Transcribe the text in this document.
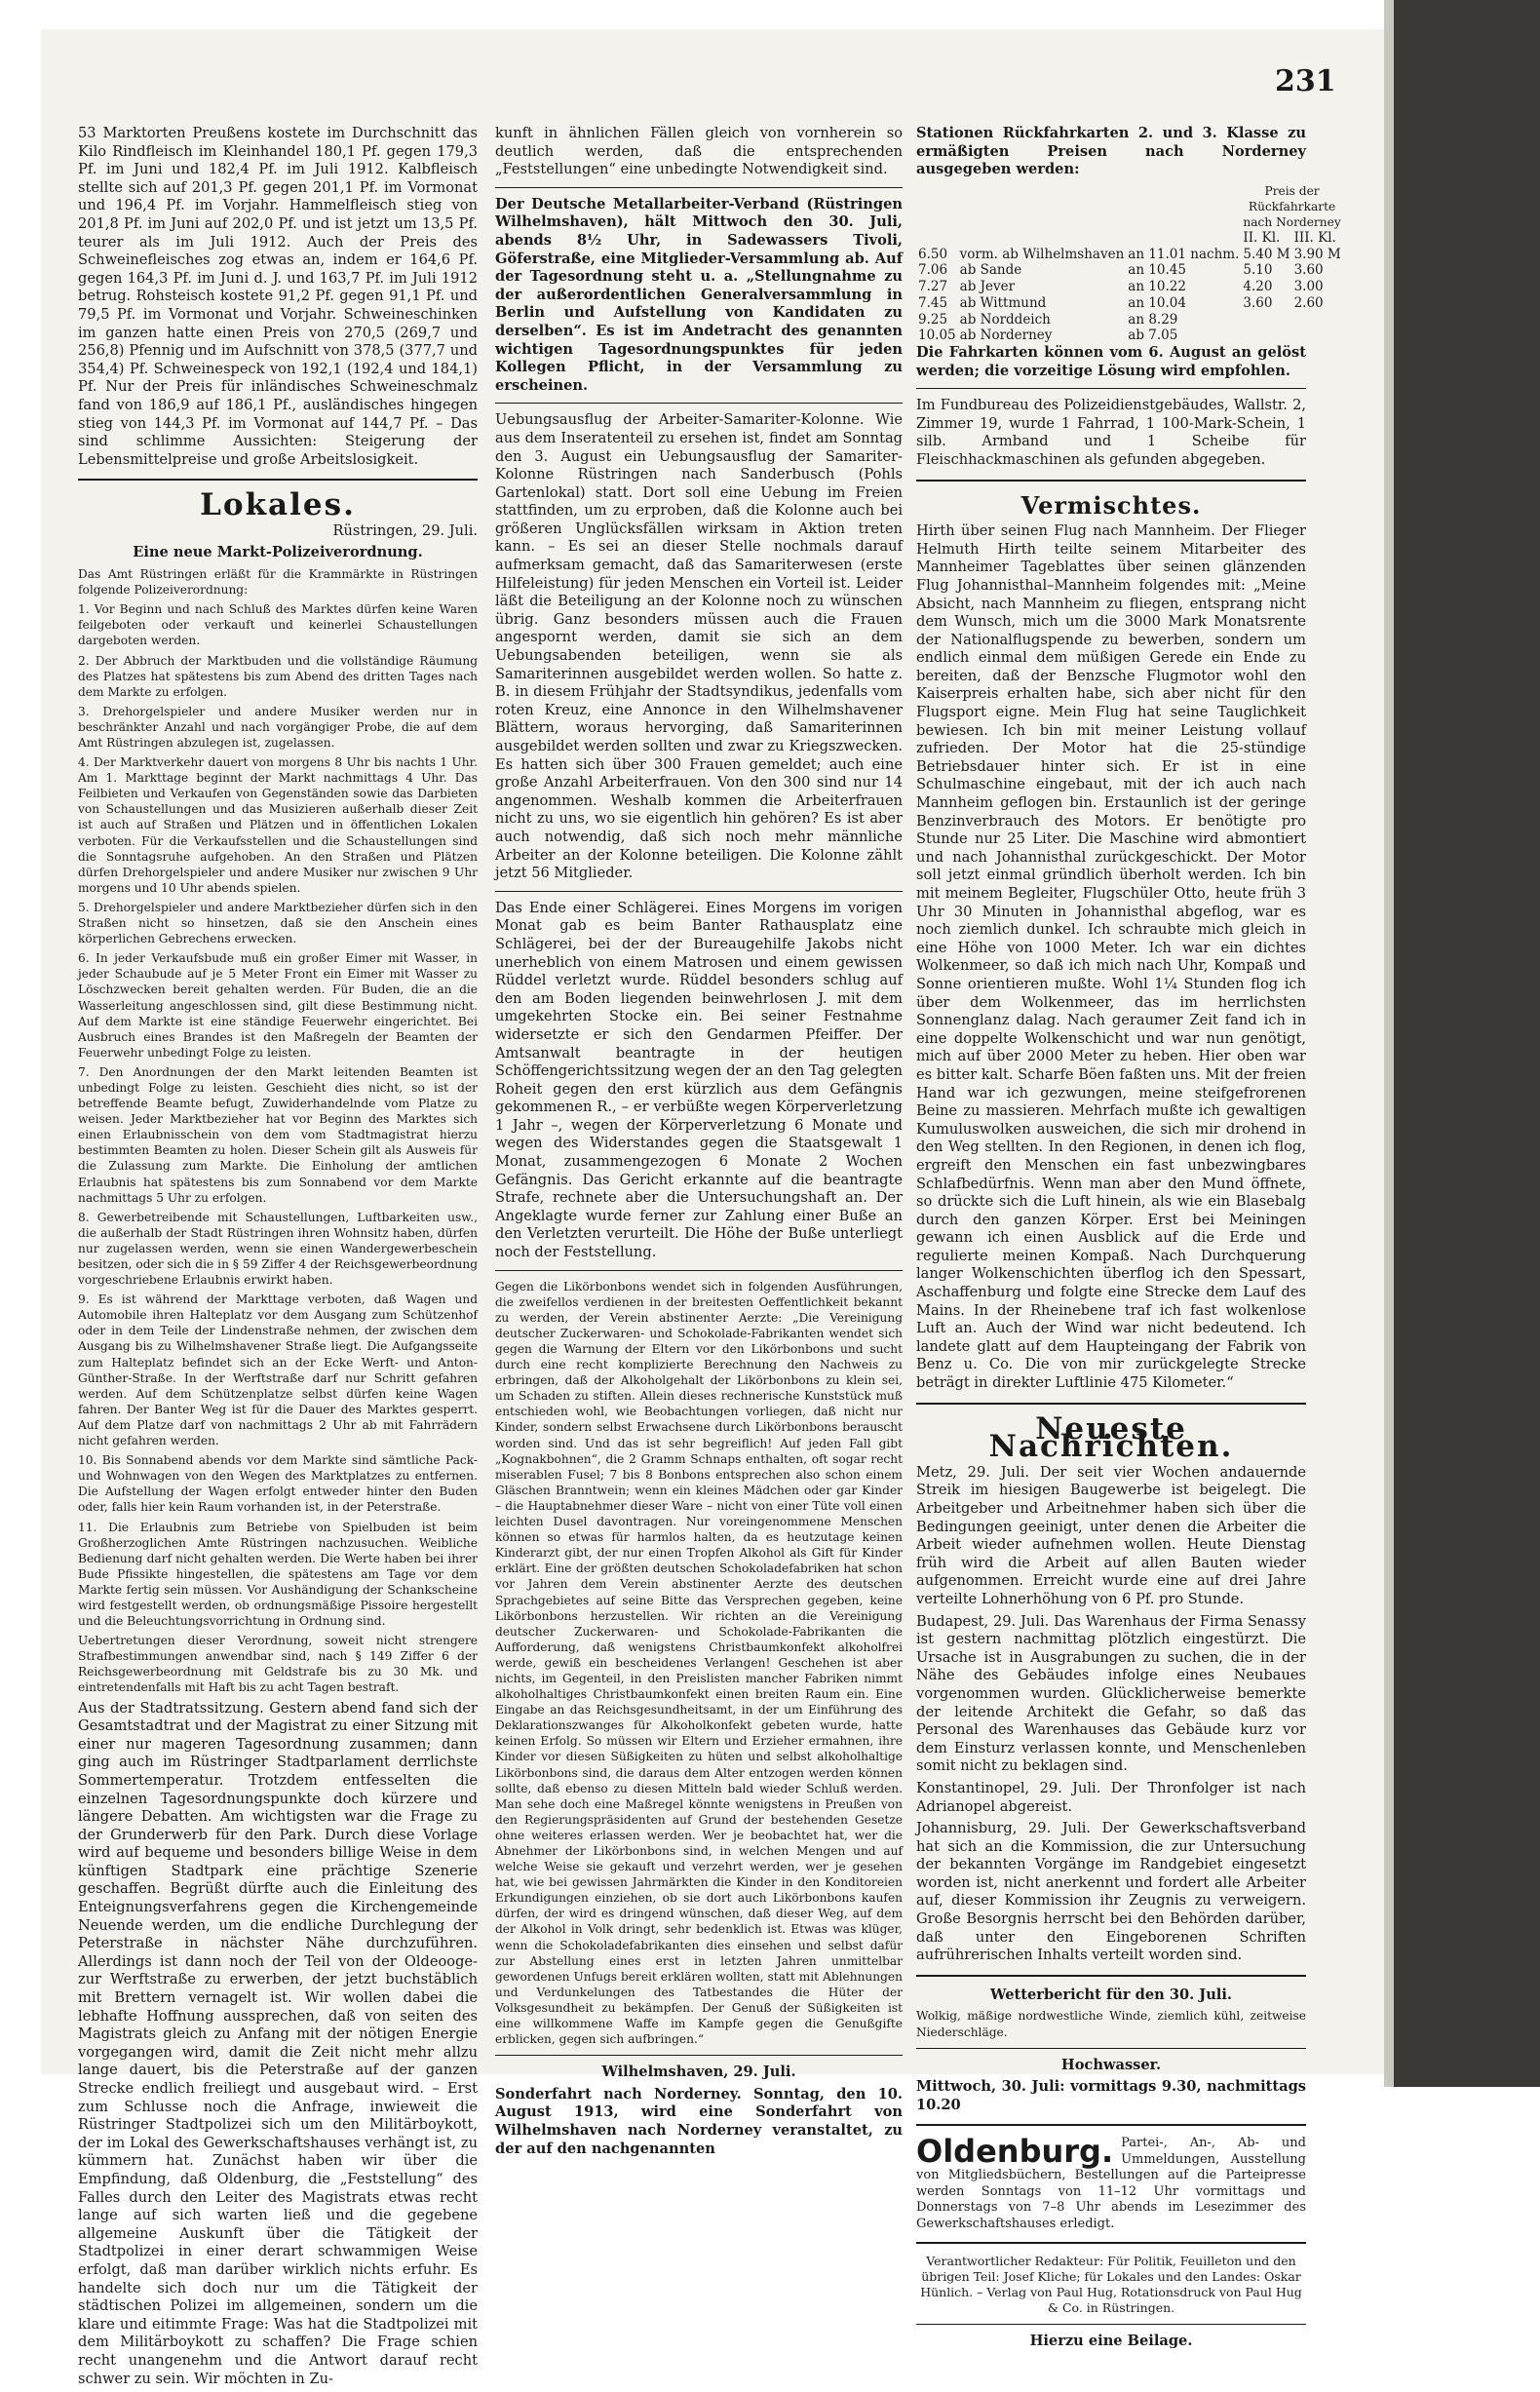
231

53 Marktorten Preußens kostete im Durchschnitt das Kilo Rindfleisch im Kleinhandel 180,1 Pf. gegen 179,3 Pf. im Juni und 182,4 Pf. im Juli 1912. Kalbfleisch stellte sich auf 201,3 Pf. gegen 201,1 Pf. im Vormonat und 196,4 Pf. im Vorjahr. Hammelfleisch stieg von 201,8 Pf. im Juni auf 202,0 Pf. und ist jetzt um 13,5 Pf. teurer als im Juli 1912. Auch der Preis des Schweinefleisches zog etwas an, indem er 164,6 Pf. gegen 164,3 Pf. im Juni d. J. und 163,7 Pf. im Juli 1912 betrug. Rohsteisch kostete 91,2 Pf. gegen 91,1 Pf. und 79,5 Pf. im Vormonat und Vorjahr. Schweineschinken im ganzen hatte einen Preis von 270,5 (269,7 und 256,8) Pfennig und im Aufschnitt von 378,5 (377,7 und 354,4) Pf. Schweinespeck von 192,1 (192,4 und 184,1) Pf. Nur der Preis für inländisches Schweineschmalz fand von 186,9 auf 186,1 Pf., ausländisches hingegen stieg von 144,3 Pf. im Vormonat auf 144,7 Pf. – Das sind schlimme Aussichten: Steigerung der Lebensmittelpreise und große Arbeitslosigkeit.

Lokales.

Rüstringen, 29. Juli.

Eine neue Markt-Polizeiverordnung.

Das Amt Rüstringen erläßt für die Krammärkte in Rüstringen folgende Polizeiverordnung:

1. Vor Beginn und nach Schluß des Marktes dürfen keine Waren feilgeboten oder verkauft und keinerlei Schaustellungen dargeboten werden.

2. Der Abbruch der Marktbuden und die vollständige Räumung des Platzes hat spätestens bis zum Abend des dritten Tages nach dem Markte zu erfolgen.

3. Drehorgelspieler und andere Musiker werden nur in beschränkter Anzahl und nach vorgängiger Probe, die auf dem Amt Rüstringen abzulegen ist, zugelassen.

4. Der Marktverkehr dauert von morgens 8 Uhr bis nachts 1 Uhr. Am 1. Markttage beginnt der Markt nachmittags 4 Uhr. Das Feilbieten und Verkaufen von Gegenständen sowie das Darbieten von Schaustellungen und das Musizieren außerhalb dieser Zeit ist auch auf Straßen und Plätzen und in öffentlichen Lokalen verboten. Für die Verkaufsstellen und die Schaustellungen sind die Sonntagsruhe aufgehoben. An den Straßen und Plätzen dürfen Drehorgelspieler und andere Musiker nur zwischen 9 Uhr morgens und 10 Uhr abends spielen.

5. Drehorgelspieler und andere Marktbezieher dürfen sich in den Straßen nicht so hinsetzen, daß sie den Anschein eines körperlichen Gebrechens erwecken.

6. In jeder Verkaufsbude muß ein großer Eimer mit Wasser, in jeder Schaubude auf je 5 Meter Front ein Eimer mit Wasser zu Löschzwecken bereit gehalten werden. Für Buden, die an die Wasserleitung angeschlossen sind, gilt diese Bestimmung nicht. Auf dem Markte ist eine ständige Feuerwehr eingerichtet. Bei Ausbruch eines Brandes ist den Maßregeln der Beamten der Feuerwehr unbedingt Folge zu leisten.

7. Den Anordnungen der den Markt leitenden Beamten ist unbedingt Folge zu leisten. Geschieht dies nicht, so ist der betreffende Beamte befugt, Zuwiderhandelnde vom Platze zu weisen. Jeder Marktbezieher hat vor Beginn des Marktes sich einen Erlaubnisschein von dem vom Stadtmagistrat hierzu bestimmten Beamten zu holen. Dieser Schein gilt als Ausweis für die Zulassung zum Markte. Die Einholung der amtlichen Erlaubnis hat spätestens bis zum Sonnabend vor dem Markte nachmittags 5 Uhr zu erfolgen.

8. Gewerbetreibende mit Schaustellungen, Luftbarkeiten usw., die außerhalb der Stadt Rüstringen ihren Wohnsitz haben, dürfen nur zugelassen werden, wenn sie einen Wandergewerbeschein besitzen, oder sich die in § 59 Ziffer 4 der Reichsgewerbeordnung vorgeschriebene Erlaubnis erwirkt haben.

9. Es ist während der Markttage verboten, daß Wagen und Automobile ihren Halteplatz vor dem Ausgang zum Schützenhof oder in dem Teile der Lindenstraße nehmen, der zwischen dem Ausgang bis zu Wilhelmshavener Straße liegt. Die Aufgangsseite zum Halteplatz befindet sich an der Ecke Werft- und Anton-Günther-Straße. In der Werftstraße darf nur Schritt gefahren werden. Auf dem Schützenplatze selbst dürfen keine Wagen fahren. Der Banter Weg ist für die Dauer des Marktes gesperrt. Auf dem Platze darf von nachmittags 2 Uhr ab mit Fahrrädern nicht gefahren werden.

10. Bis Sonnabend abends vor dem Markte sind sämtliche Pack- und Wohnwagen von den Wegen des Marktplatzes zu entfernen. Die Aufstellung der Wagen erfolgt entweder hinter den Buden oder, falls hier kein Raum vorhanden ist, in der Peterstraße.

11. Die Erlaubnis zum Betriebe von Spielbuden ist beim Großherzoglichen Amte Rüstringen nachzusuchen. Weibliche Bedienung darf nicht gehalten werden. Die Werte haben bei ihrer Bude Pfissikte hingestellen, die spätestens am Tage vor dem Markte fertig sein müssen. Vor Aushändigung der Schankscheine wird festgestellt werden, ob ordnungsmäßige Pissoire hergestellt und die Beleuchtungsvorrichtung in Ordnung sind.

Uebertretungen dieser Verordnung, soweit nicht strengere Strafbestimmungen anwendbar sind, nach § 149 Ziffer 6 der Reichsgewerbeordnung mit Geldstrafe bis zu 30 Mk. und eintretendenfalls mit Haft bis zu acht Tagen bestraft.

Aus der Stadtratssitzung. Gestern abend fand sich der Gesamtstadtrat und der Magistrat zu einer Sitzung mit einer nur mageren Tagesordnung zusammen; dann ging auch im Rüstringer Stadtparlament derrlichste Sommertemperatur. Trotzdem entfesselten die einzelnen Tagesordnungspunkte doch kürzere und längere Debatten. Am wichtigsten war die Frage zu der Grunderwerb für den Park. Durch diese Vorlage wird auf bequeme und besonders billige Weise in dem künftigen Stadtpark eine prächtige Szenerie geschaffen. Begrüßt dürfte auch die Einleitung des Enteignungsverfahrens gegen die Kirchengemeinde Neuende werden, um die endliche Durchlegung der Peterstraße in nächster Nähe durchzuführen. Allerdings ist dann noch der Teil von der Oldeooge- zur Werftstraße zu erwerben, der jetzt buchstäblich mit Brettern vernagelt ist. Wir wollen dabei die lebhafte Hoffnung aussprechen, daß von seiten des Magistrats gleich zu Anfang mit der nötigen Energie vorgegangen wird, damit die Zeit nicht mehr allzu lange dauert, bis die Peterstraße auf der ganzen Strecke endlich freiliegt und ausgebaut wird. – Erst zum Schlusse noch die Anfrage, inwieweit die Rüstringer Stadtpolizei sich um den Militärboykott, der im Lokal des Gewerkschaftshauses verhängt ist, zu kümmern hat. Zunächst haben wir über die Empfindung, daß Oldenburg, die „Feststellung“ des Falles durch den Leiter des Magistrats etwas recht lange auf sich warten ließ und die gegebene allgemeine Auskunft über die Tätigkeit der Stadtpolizei in einer derart schwammigen Weise erfolgt, daß man darüber wirklich nichts erfuhr. Es handelte sich doch nur um die Tätigkeit der städtischen Polizei im allgemeinen, sondern um die klare und eitimmte Frage: Was hat die Stadtpolizei mit dem Militärboykott zu schaffen? Die Frage schien recht unangenehm und die Antwort darauf recht schwer zu sein. Wir möchten in Zu-

kunft in ähnlichen Fällen gleich von vornherein so deutlich werden, daß die entsprechenden „Feststellungen“ eine unbedingte Notwendigkeit sind.

Der Deutsche Metallarbeiter-Verband (Rüstringen Wilhelmshaven), hält Mittwoch den 30. Juli, abends 8½ Uhr, in Sadewassers Tivoli, Göferstraße, eine Mitglieder-Versammlung ab. Auf der Tagesordnung steht u. a. „Stellungnahme zu der außerordentlichen Generalversammlung in Berlin und Aufstellung von Kandidaten zu derselben“. Es ist im Andetracht des genannten wichtigen Tagesordnungspunktes für jeden Kollegen Pflicht, in der Versammlung zu erscheinen.

Uebungsausflug der Arbeiter-Samariter-Kolonne. Wie aus dem Inseratenteil zu ersehen ist, findet am Sonntag den 3. August ein Uebungsausflug der Samariter-Kolonne Rüstringen nach Sanderbusch (Pohls Gartenlokal) statt. Dort soll eine Uebung im Freien stattfinden, um zu erproben, daß die Kolonne auch bei größeren Unglücksfällen wirksam in Aktion treten kann. – Es sei an dieser Stelle nochmals darauf aufmerksam gemacht, daß das Samariterwesen (erste Hilfeleistung) für jeden Menschen ein Vorteil ist. Leider läßt die Beteiligung an der Kolonne noch zu wünschen übrig. Ganz besonders müssen auch die Frauen angespornt werden, damit sie sich an dem Uebungsabenden beteiligen, wenn sie als Samariterinnen ausgebildet werden wollen. So hatte z. B. in diesem Frühjahr der Stadtsyndikus, jedenfalls vom roten Kreuz, eine Annonce in den Wilhelmshavener Blättern, woraus hervorging, daß Samariterinnen ausgebildet werden sollten und zwar zu Kriegszwecken. Es hatten sich über 300 Frauen gemeldet; auch eine große Anzahl Arbeiterfrauen. Von den 300 sind nur 14 angenommen. Weshalb kommen die Arbeiterfrauen nicht zu uns, wo sie eigentlich hin gehören? Es ist aber auch notwendig, daß sich noch mehr männliche Arbeiter an der Kolonne beteiligen. Die Kolonne zählt jetzt 56 Mitglieder.

Das Ende einer Schlägerei. Eines Morgens im vorigen Monat gab es beim Banter Rathausplatz eine Schlägerei, bei der der Bureaugehilfe Jakobs nicht unerheblich von einem Matrosen und einem gewissen Rüddel verletzt wurde. Rüddel besonders schlug auf den am Boden liegenden beinwehrlosen J. mit dem umgekehrten Stocke ein. Bei seiner Festnahme widersetzte er sich den Gendarmen Pfeiffer. Der Amtsanwalt beantragte in der heutigen Schöffengerichtssitzung wegen der an den Tag gelegten Roheit gegen den erst kürzlich aus dem Gefängnis gekommenen R., – er verbüßte wegen Körperverletzung 1 Jahr –, wegen der Körperverletzung 6 Monate und wegen des Widerstandes gegen die Staatsgewalt 1 Monat, zusammengezogen 6 Monate 2 Wochen Gefängnis. Das Gericht erkannte auf die beantragte Strafe, rechnete aber die Untersuchungshaft an. Der Angeklagte wurde ferner zur Zahlung einer Buße an den Verletzten verurteilt. Die Höhe der Buße unterliegt noch der Feststellung.

Gegen die Likörbonbons wendet sich in folgenden Ausführungen, die zweifellos verdienen in der breitesten Oeffentlichkeit bekannt zu werden, der Verein abstinenter Aerzte: „Die Vereinigung deutscher Zuckerwaren- und Schokolade-Fabrikanten wendet sich gegen die Warnung der Eltern vor den Likörbonbons und sucht durch eine recht komplizierte Berechnung den Nachweis zu erbringen, daß der Alkoholgehalt der Likörbonbons zu klein sei, um Schaden zu stiften. Allein dieses rechnerische Kunststück muß entschieden wohl, wie Beobachtungen vorliegen, daß nicht nur Kinder, sondern selbst Erwachsene durch Likörbonbons berauscht worden sind. Und das ist sehr begreiflich! Auf jeden Fall gibt „Kognakbohnen“, die 2 Gramm Schnaps enthalten, oft sogar recht miserablen Fusel; 7 bis 8 Bonbons entsprechen also schon einem Gläschen Branntwein; wenn ein kleines Mädchen oder gar Kinder – die Hauptabnehmer dieser Ware – nicht von einer Tüte voll einen leichten Dusel davontragen. Nur voreingenommene Menschen können so etwas für harmlos halten, da es heutzutage keinen Kinderarzt gibt, der nur einen Tropfen Alkohol als Gift für Kinder erklärt. Eine der größten deutschen Schokoladefabriken hat schon vor Jahren dem Verein abstinenter Aerzte des deutschen Sprachgebietes auf seine Bitte das Versprechen gegeben, keine Likörbonbons herzustellen. Wir richten an die Vereinigung deutscher Zuckerwaren- und Schokolade-Fabrikanten die Aufforderung, daß wenigstens Christbaumkonfekt alkoholfrei werde, gewiß ein bescheidenes Verlangen! Geschehen ist aber nichts, im Gegenteil, in den Preislisten mancher Fabriken nimmt alkoholhaltiges Christbaumkonfekt einen breiten Raum ein. Eine Eingabe an das Reichsgesundheitsamt, in der um Einführung des Deklarationszwanges für Alkoholkonfekt gebeten wurde, hatte keinen Erfolg. So müssen wir Eltern und Erzieher ermahnen, ihre Kinder vor diesen Süßigkeiten zu hüten und selbst alkoholhaltige Likörbonbons sind, die daraus dem Alter entzogen werden können sollte, daß ebenso zu diesen Mitteln bald wieder Schluß werden. Man sehe doch eine Maßregel könnte wenigstens in Preußen von den Regierungspräsidenten auf Grund der bestehenden Gesetze ohne weiteres erlassen werden. Wer je beobachtet hat, wer die Abnehmer der Likörbonbons sind, in welchen Mengen und auf welche Weise sie gekauft und verzehrt werden, wer je gesehen hat, wie bei gewissen Jahrmärkten die Kinder in den Konditoreien Erkundigungen einziehen, ob sie dort auch Likörbonbons kaufen dürfen, der wird es dringend wünschen, daß dieser Weg, auf dem der Alkohol in Volk dringt, sehr bedenklich ist. Etwas was klüger, wenn die Schokoladefabrikanten dies einsehen und selbst dafür zur Abstellung eines erst in letzten Jahren unmittelbar gewordenen Unfugs bereit erklären wollten, statt mit Ablehnungen und Verdunkelungen des Tatbestandes die Hüter der Volksgesundheit zu bekämpfen. Der Genuß der Süßigkeiten ist eine willkommene Waffe im Kampfe gegen die Genußgifte erblicken, gegen sich aufbringen.“

Wilhelmshaven, 29. Juli.

Sonderfahrt nach Norderney. Sonntag, den 10. August 1913, wird eine Sonderfahrt von Wilhelmshaven nach Norderney veranstaltet, zu der auf den nachgenannten

Stationen Rückfahrkarten 2. und 3. Klasse zu ermäßigten Preisen nach Norderney ausgegeben werden:

			Preis der Rückfahrkarte nach Norderney	
			II. Kl.	III. Kl.
6.50	vorm. ab Wilhelmshaven	an 11.01 nachm.	5.40 M	3.90 M
7.06	ab Sande	an 10.45	5.10	3.60
7.27	ab Jever	an 10.22	4.20	3.00
7.45	ab Wittmund	an 10.04	3.60	2.60
9.25	ab Norddeich	an 8.29		
10.05	ab Norderney	ab 7.05		

Die Fahrkarten können vom 6. August an gelöst werden; die vorzeitige Lösung wird empfohlen.

Im Fundbureau des Polizeidienstgebäudes, Wallstr. 2, Zimmer 19, wurde 1 Fahrrad, 1 100-Mark-Schein, 1 silb. Armband und 1 Scheibe für Fleischhackmaschinen als gefunden abgegeben.

Vermischtes.

Hirth über seinen Flug nach Mannheim. Der Flieger Helmuth Hirth teilte seinem Mitarbeiter des Mannheimer Tageblattes über seinen glänzenden Flug Johannisthal–Mannheim folgendes mit: „Meine Absicht, nach Mannheim zu fliegen, entsprang nicht dem Wunsch, mich um die 3000 Mark Monatsrente der Nationalflugspende zu bewerben, sondern um endlich einmal dem müßigen Gerede ein Ende zu bereiten, daß der Benzsche Flugmotor wohl den Kaiserpreis erhalten habe, sich aber nicht für den Flugsport eigne. Mein Flug hat seine Tauglichkeit bewiesen. Ich bin mit meiner Leistung vollauf zufrieden. Der Motor hat die 25-stündige Betriebsdauer hinter sich. Er ist in eine Schulmaschine eingebaut, mit der ich auch nach Mannheim geflogen bin. Erstaunlich ist der geringe Benzinverbrauch des Motors. Er benötigte pro Stunde nur 25 Liter. Die Maschine wird abmontiert und nach Johannisthal zurückgeschickt. Der Motor soll jetzt einmal gründlich überholt werden. Ich bin mit meinem Begleiter, Flugschüler Otto, heute früh 3 Uhr 30 Minuten in Johannisthal abgeflog, war es noch ziemlich dunkel. Ich schraubte mich gleich in eine Höhe von 1000 Meter. Ich war ein dichtes Wolkenmeer, so daß ich mich nach Uhr, Kompaß und Sonne orientieren mußte. Wohl 1¼ Stunden flog ich über dem Wolkenmeer, das im herrlichsten Sonnenglanz dalag. Nach geraumer Zeit fand ich in eine doppelte Wolkenschicht und war nun genötigt, mich auf über 2000 Meter zu heben. Hier oben war es bitter kalt. Scharfe Böen faßten uns. Mit der freien Hand war ich gezwungen, meine steifgefrorenen Beine zu massieren. Mehrfach mußte ich gewaltigen Kumuluswolken ausweichen, die sich mir drohend in den Weg stellten. In den Regionen, in denen ich flog, ergreift den Menschen ein fast unbezwingbares Schlafbedürfnis. Wenn man aber den Mund öffnete, so drückte sich die Luft hinein, als wie ein Blasebalg durch den ganzen Körper. Erst bei Meiningen gewann ich einen Ausblick auf die Erde und regulierte meinen Kompaß. Nach Durchquerung langer Wolkenschichten überflog ich den Spessart, Aschaffenburg und folgte eine Strecke dem Lauf des Mains. In der Rheinebene traf ich fast wolkenlose Luft an. Auch der Wind war nicht bedeutend. Ich landete glatt auf dem Haupteingang der Fabrik von Benz u. Co. Die von mir zurückgelegte Strecke beträgt in direkter Luftlinie 475 Kilometer.“

Neueste Nachrichten.

Metz, 29. Juli. Der seit vier Wochen andauernde Streik im hiesigen Baugewerbe ist beigelegt. Die Arbeitgeber und Arbeitnehmer haben sich über die Bedingungen geeinigt, unter denen die Arbeiter die Arbeit wieder aufnehmen wollen. Heute Dienstag früh wird die Arbeit auf allen Bauten wieder aufgenommen. Erreicht wurde eine auf drei Jahre verteilte Lohnerhöhung von 6 Pf. pro Stunde.

Budapest, 29. Juli. Das Warenhaus der Firma Senassy ist gestern nachmittag plötzlich eingestürzt. Die Ursache ist in Ausgrabungen zu suchen, die in der Nähe des Gebäudes infolge eines Neubaues vorgenommen wurden. Glücklicherweise bemerkte der leitende Architekt die Gefahr, so daß das Personal des Warenhauses das Gebäude kurz vor dem Einsturz verlassen konnte, und Menschenleben somit nicht zu beklagen sind.

Konstantinopel, 29. Juli. Der Thronfolger ist nach Adrianopel abgereist.

Johannisburg, 29. Juli. Der Gewerkschaftsverband hat sich an die Kommission, die zur Untersuchung der bekannten Vorgänge im Randgebiet eingesetzt worden ist, nicht anerkennt und fordert alle Arbeiter auf, dieser Kommission ihr Zeugnis zu verweigern. Große Besorgnis herrscht bei den Behörden darüber, daß unter den Eingeborenen Schriften aufrührerischen Inhalts verteilt worden sind.

Wetterbericht für den 30. Juli.

Wolkig, mäßige nordwestliche Winde, ziemlich kühl, zeitweise Niederschläge.

Hochwasser.

Mittwoch, 30. Juli: vormittags 9.30, nachmittags 10.20

Oldenburg. Partei-, An-, Ab- und Ummeldungen, Ausstellung von Mitgliedsbüchern, Bestellungen auf die Parteipresse werden Sonntags von 11–12 Uhr vormittags und Donnerstags von 7–8 Uhr abends im Lesezimmer des Gewerkschaftshauses erledigt.

Verantwortlicher Redakteur: Für Politik, Feuilleton und den übrigen Teil: Josef Kliche; für Lokales und den Landes: Oskar Hünlich. – Verlag von Paul Hug, Rotationsdruck von Paul Hug & Co. in Rüstringen.

Hierzu eine Beilage.
